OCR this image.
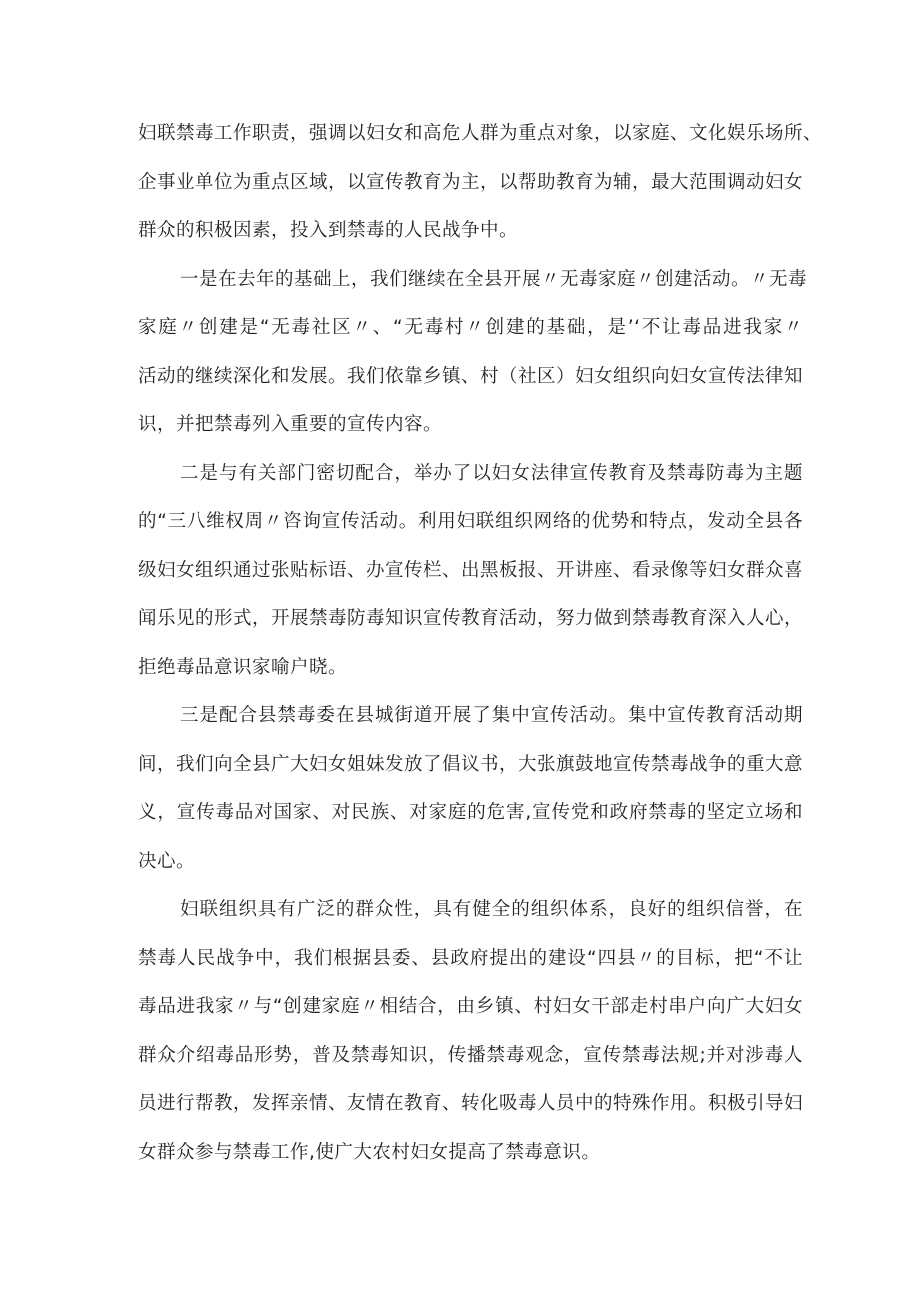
妇联禁毒工作职责，强调以妇女和高危人群为重点对象，以家庭、文化娱乐场所、
企事业单位为重点区域，以宣传教育为主，以帮助教育为辅，最大范围调动妇女
群众的积极因素，投入到禁毒的人民战争中。
一是在去年的基础上，我们继续在全县开展〃无毒家庭〃创建活动。〃无毒
家庭〃创建是“无毒社区〃、“无毒村〃创建的基础，是’‘不让毒品进我家〃
活动的继续深化和发展。我们依靠乡镇、村（社区）妇女组织向妇女宣传法律知
识，并把禁毒列入重要的宣传内容。
二是与有关部门密切配合，举办了以妇女法律宣传教育及禁毒防毒为主题
的“三八维权周〃咨询宣传活动。利用妇联组织网络的优势和特点，发动全县各
级妇女组织通过张贴标语、办宣传栏、出黑板报、开讲座、看录像等妇女群众喜
闻乐见的形式，开展禁毒防毒知识宣传教育活动，努力做到禁毒教育深入人心，
拒绝毒品意识家喻户晓。
三是配合县禁毒委在县城街道开展了集中宣传活动。集中宣传教育活动期
间，我们向全县广大妇女姐妹发放了倡议书，大张旗鼓地宣传禁毒战争的重大意
义，宣传毒品对国家、对民族、对家庭的危害,宣传党和政府禁毒的坚定立场和
决心。
妇联组织具有广泛的群众性，具有健全的组织体系，良好的组织信誉，在
禁毒人民战争中，我们根据县委、县政府提出的建设“四县〃的目标，把“不让
毒品进我家〃与“创建家庭〃相结合，由乡镇、村妇女干部走村串户向广大妇女
群众介绍毒品形势，普及禁毒知识，传播禁毒观念，宣传禁毒法规;并对涉毒人
员进行帮教，发挥亲情、友情在教育、转化吸毒人员中的特殊作用。积极引导妇
女群众参与禁毒工作,使广大农村妇女提高了禁毒意识。
